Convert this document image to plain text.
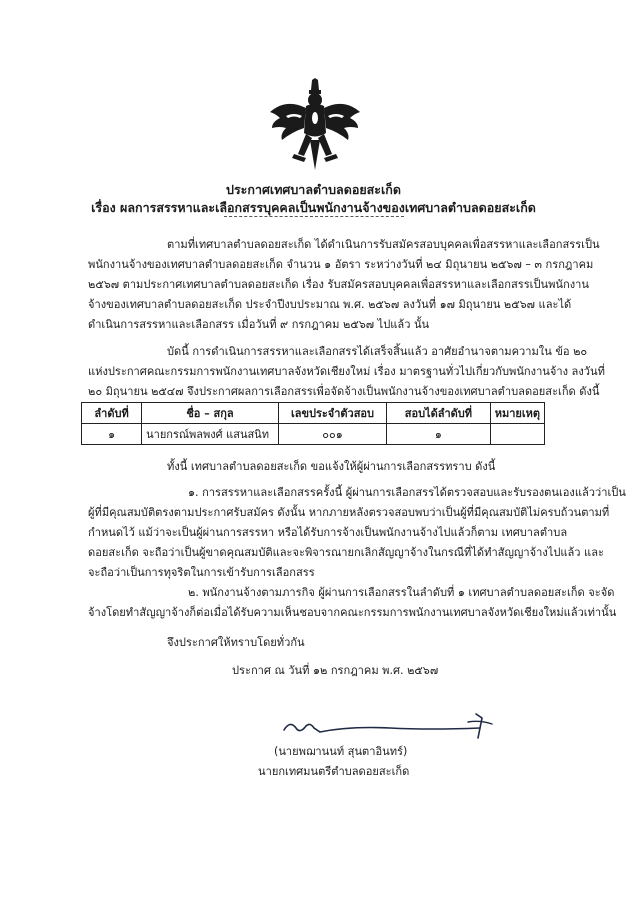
ประกาศเทศบาลตำบลดอยสะเก็ด
เรื่อง ผลการสรรหาและเลือกสรรบุคคลเป็นพนักงานจ้างของเทศบาลตำบลดอยสะเก็ด
ตามที่เทศบาลตำบลดอยสะเก็ด ได้ดำเนินการรับสมัครสอบบุคคลเพื่อสรรหาและเลือกสรรเป็น
พนักงานจ้างของเทศบาลตำบลดอยสะเก็ด จำนวน ๑ อัตรา ระหว่างวันที่ ๒๔ มิถุนายน ๒๕๖๗ – ๓ กรกฎาคม
๒๕๖๗ ตามประกาศเทศบาลตำบลดอยสะเก็ด เรื่อง รับสมัครสอบบุคคลเพื่อสรรหาและเลือกสรรเป็นพนักงาน
จ้างของเทศบาลตำบลดอยสะเก็ด ประจำปีงบประมาณ พ.ศ. ๒๕๖๗ ลงวันที่ ๑๗ มิถุนายน ๒๕๖๗ และได้
ดำเนินการสรรหาและเลือกสรร เมื่อวันที่ ๙ กรกฎาคม ๒๕๖๗ ไปแล้ว นั้น
บัดนี้ การดำเนินการสรรหาและเลือกสรรได้เสร็จสิ้นแล้ว อาศัยอำนาจตามความใน ข้อ ๒๐
แห่งประกาศคณะกรรมการพนักงานเทศบาลจังหวัดเชียงใหม่ เรื่อง มาตรฐานทั่วไปเกี่ยวกับพนักงานจ้าง ลงวันที่
๒๐ มิถุนายน ๒๕๔๗ จึงประกาศผลการเลือกสรรเพื่อจัดจ้างเป็นพนักงานจ้างของเทศบาลตำบลดอยสะเก็ด ดังนี้
ลำดับที่	ชื่อ – สกุล	เลขประจำตัวสอบ	สอบได้ลำดับที่	หมายเหตุ
๑	นายกรณ์พลพงศ์ แสนสนิท	๐๐๑	๑	
ทั้งนี้ เทศบาลตำบลดอยสะเก็ด ขอแจ้งให้ผู้ผ่านการเลือกสรรทราบ ดังนี้
๑. การสรรหาและเลือกสรรครั้งนี้ ผู้ผ่านการเลือกสรรได้ตรวจสอบและรับรองตนเองแล้วว่าเป็น
ผู้ที่มีคุณสมบัติตรงตามประกาศรับสมัคร ดังนั้น หากภายหลังตรวจสอบพบว่าเป็นผู้ที่มีคุณสมบัติไม่ครบถ้วนตามที่
กำหนดไว้ แม้ว่าจะเป็นผู้ผ่านการสรรหา หรือได้รับการจ้างเป็นพนักงานจ้างไปแล้วก็ตาม เทศบาลตำบล
ดอยสะเก็ด จะถือว่าเป็นผู้ขาดคุณสมบัติและจะพิจารณายกเลิกสัญญาจ้างในกรณีที่ได้ทำสัญญาจ้างไปแล้ว และ
จะถือว่าเป็นการทุจริตในการเข้ารับการเลือกสรร
๒. พนักงานจ้างตามภารกิจ ผู้ผ่านการเลือกสรรในลำดับที่ ๑ เทศบาลตำบลดอยสะเก็ด จะจัด
จ้างโดยทำสัญญาจ้างก็ต่อเมื่อได้รับความเห็นชอบจากคณะกรรมการพนักงานเทศบาลจังหวัดเชียงใหม่แล้วเท่านั้น
จึงประกาศให้ทราบโดยทั่วกัน
ประกาศ ณ วันที่ ๑๒ กรกฎาคม พ.ศ. ๒๕๖๗
(นายพฌานนท์ สุนตาอินทร์)
นายกเทศมนตรีตำบลดอยสะเก็ด
